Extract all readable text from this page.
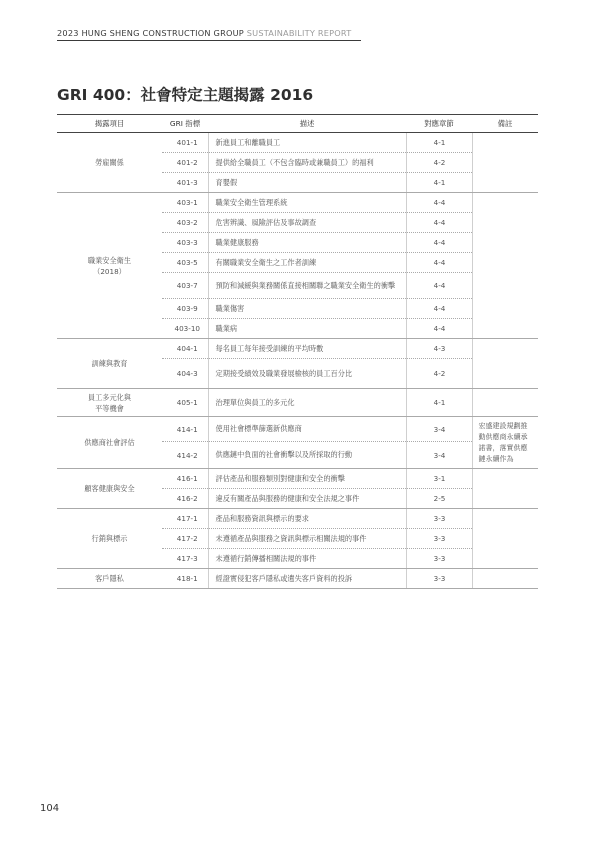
2023 HUNG SHENG CONSTRUCTION GROUP SUSTAINABILITY REPORT
GRI 400：社會特定主題揭露 2016
揭露項目	GRI 指標	描述	對應章節	備註
勞雇關係	401-1	新進員工和離職員工	4-1	
	401-2	提供給全職員工（不包含臨時或兼職員工）的福利	4-2	
	401-3	育嬰假	4-1	
職業安全衛生
（2018）	403-1	職業安全衛生管理系統	4-4	
	403-2	危害辨識、風險評估及事故調查	4-4	
	403-3	職業健康服務	4-4	
	403-5	有關職業安全衛生之工作者訓練	4-4	
	403-7	預防和減緩與業務關係直接相關聯之職業安全衛生的衝擊	4-4	
	403-9	職業傷害	4-4	
	403-10	職業病	4-4	
訓練與教育	404-1	每名員工每年接受訓練的平均時數	4-3	
	404-3	定期接受績效及職業發展檢核的員工百分比	4-2	
員工多元化與
平等機會	405-1	治理單位與員工的多元化	4-1	
供應商社會評估	414-1	使用社會標準篩選新供應商	3-4	宏盛建設規劃推動供應商永續承諾書，落實供應鏈永續作為
	414-2	供應鏈中負面的社會衝擊以及所採取的行動	3-4	
顧客健康與安全	416-1	評估產品和服務類別對健康和安全的衝擊	3-1	
	416-2	違反有關產品與服務的健康和安全法規之事件	2-5	
行銷與標示	417-1	產品和服務資訊與標示的要求	3-3	
	417-2	未遵循產品與服務之資訊與標示相關法規的事件	3-3	
	417-3	未遵循行銷傳播相關法規的事件	3-3	
客戶隱私	418-1	經證實侵犯客戶隱私或遺失客戶資料的投訴	3-3	
104
